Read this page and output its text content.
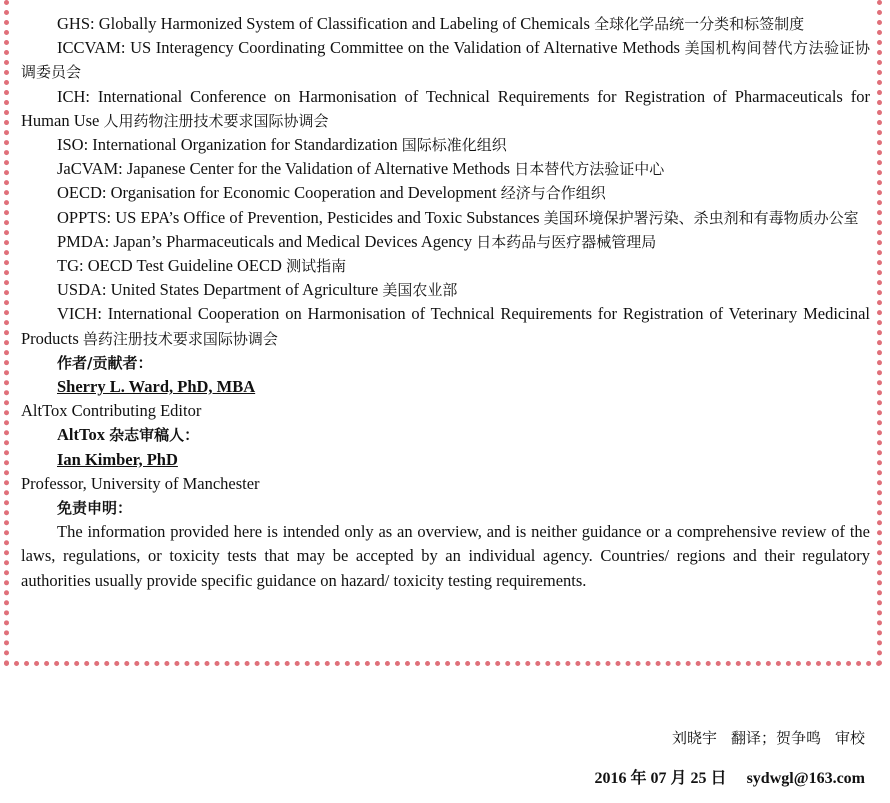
GHS: Globally Harmonized System of Classification and Labeling of Chemicals 全球化学品统一分类和标签制度

ICCVAM: US Interagency Coordinating Committee on the Validation of Alternative Methods 美国机构间替代方法验证协调委员会

ICH: International Conference on Harmonisation of Technical Requirements for Registration of Pharmaceuticals for Human Use 人用药物注册技术要求国际协调会

ISO: International Organization for Standardization 国际标准化组织

JaCVAM: Japanese Center for the Validation of Alternative Methods 日本替代方法验证中心

OECD: Organisation for Economic Cooperation and Development 经济与合作组织

OPPTS: US EPA’s Office of Prevention, Pesticides and Toxic Substances 美国环境保护署污染、杀虫剂和有毒物质办公室

PMDA: Japan’s Pharmaceuticals and Medical Devices Agency 日本药品与医疗器械管理局

TG: OECD Test Guideline OECD 测试指南

USDA: United States Department of Agriculture 美国农业部

VICH: International Cooperation on Harmonisation of Technical Requirements for Registration of Veterinary Medicinal Products 兽药注册技术要求国际协调会

作者/贡献者：

Sherry L. Ward, PhD, MBA

AltTox Contributing Editor

AltTox 杂志审稿人：

Ian Kimber, PhD

Professor, University of Manchester

免责申明：

The information provided here is intended only as an overview, and is neither guidance or a comprehensive review of the laws, regulations, or toxicity tests that may be accepted by an individual agency. Countries/ regions and their regulatory authorities usually provide specific guidance on hazard/ toxicity testing requirements.

刘晓宇 翻译；贺争鸣 审校
2016 年 07 月 25 日 sydwgl@163.com
